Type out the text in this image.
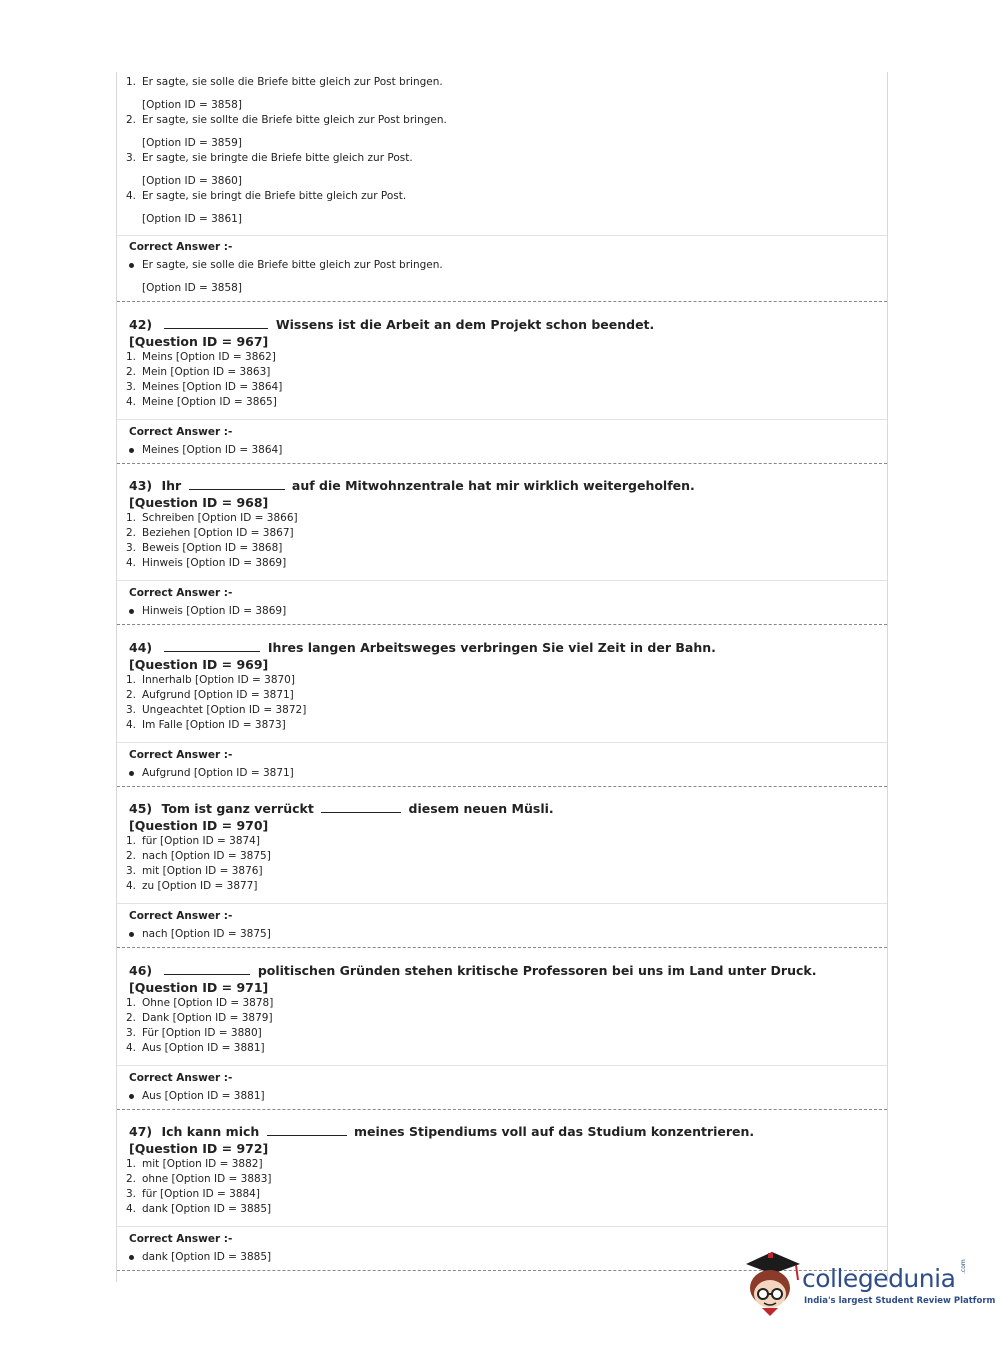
1. Er sagte, sie solle die Briefe bitte gleich zur Post bringen.
[Option ID = 3858]
2. Er sagte, sie sollte die Briefe bitte gleich zur Post bringen.
[Option ID = 3859]
3. Er sagte, sie bringte die Briefe bitte gleich zur Post.
[Option ID = 3860]
4. Er sagte, sie bringt die Briefe bitte gleich zur Post.
[Option ID = 3861]
Correct Answer :-
Er sagte, sie solle die Briefe bitte gleich zur Post bringen.
[Option ID = 3858]
42)	Wissens ist die Arbeit an dem Projekt schon beendet.
[Question ID = 967]
1. Meins [Option ID = 3862]
2. Mein [Option ID = 3863]
3. Meines [Option ID = 3864]
4. Meine [Option ID = 3865]
Correct Answer :-
Meines [Option ID = 3864]
43) Ihr	auf die Mitwohnzentrale hat mir wirklich weitergeholfen.
[Question ID = 968]
1. Schreiben [Option ID = 3866]
2. Beziehen [Option ID = 3867]
3. Beweis [Option ID = 3868]
4. Hinweis [Option ID = 3869]
Correct Answer :-
Hinweis [Option ID = 3869]
44)	Ihres langen Arbeitsweges verbringen Sie viel Zeit in der Bahn.
[Question ID = 969]
1. Innerhalb [Option ID = 3870]
2. Aufgrund [Option ID = 3871]
3. Ungeachtet [Option ID = 3872]
4. Im Falle [Option ID = 3873]
Correct Answer :-
Aufgrund [Option ID = 3871]
45) Tom ist ganz verrückt	diesem neuen Müsli.
[Question ID = 970]
1. für [Option ID = 3874]
2. nach [Option ID = 3875]
3. mit [Option ID = 3876]
4. zu [Option ID = 3877]
Correct Answer :-
nach [Option ID = 3875]
46)	politischen Gründen stehen kritische Professoren bei uns im Land unter Druck.
[Question ID = 971]
1. Ohne [Option ID = 3878]
2. Dank [Option ID = 3879]
3. Für [Option ID = 3880]
4. Aus [Option ID = 3881]
Correct Answer :-
Aus [Option ID = 3881]
47) Ich kann mich	meines Stipendiums voll auf das Studium konzentrieren.
[Question ID = 972]
1. mit [Option ID = 3882]
2. ohne [Option ID = 3883]
3. für [Option ID = 3884]
4. dank [Option ID = 3885]
Correct Answer :-
dank [Option ID = 3885]
collegedunia .com
India's largest Student Review Platform
